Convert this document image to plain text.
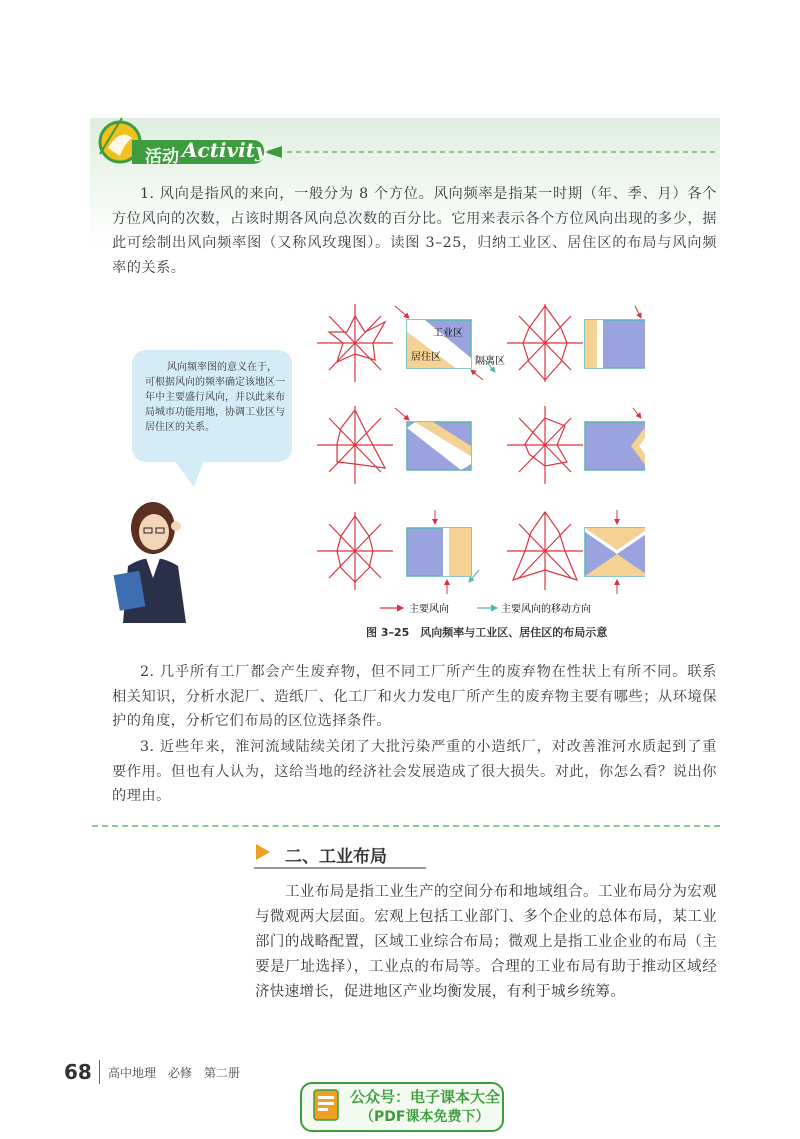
活动 Activity

1. 风向是指风的来向，一般分为 8 个方位。风向频率是指某一时期（年、季、月）各个方位风向的次数，占该时期各风向总次数的百分比。它用来表示各个方位风向出现的多少，据此可绘制出风向频率图（又称风玫瑰图）。读图 3–25，归纳工业区、居住区的布局与风向频率的关系。

风向频率图的意义在于，可根据风向的频率确定该地区一年中主要盛行风向，并以此来布局城市功能用地，协调工业区与居住区的关系。
工业区
居住区	隔离区
主要风向	主要风向的移动方向
图 3–25　风向频率与工业区、居住区的布局示意

2. 几乎所有工厂都会产生废弃物，但不同工厂所产生的废弃物在性状上有所不同。联系相关知识，分析水泥厂、造纸厂、化工厂和火力发电厂所产生的废弃物主要有哪些；从环境保护的角度，分析它们布局的区位选择条件。

3. 近些年来，淮河流域陆续关闭了大批污染严重的小造纸厂，对改善淮河水质起到了重要作用。但也有人认为，这给当地的经济社会发展造成了很大损失。对此，你怎么看？说出你的理由。

二、工业布局

工业布局是指工业生产的空间分布和地域组合。工业布局分为宏观与微观两大层面。宏观上包括工业部门、多个企业的总体布局，某工业部门的战略配置，区域工业综合布局；微观上是指工业企业的布局（主要是厂址选择），工业点的布局等。合理的工业布局有助于推动区域经济快速增长，促进地区产业均衡发展，有利于城乡统筹。

68 高中地理　必修　第二册
公众号：电子课本大全
（PDF课本免费下）
